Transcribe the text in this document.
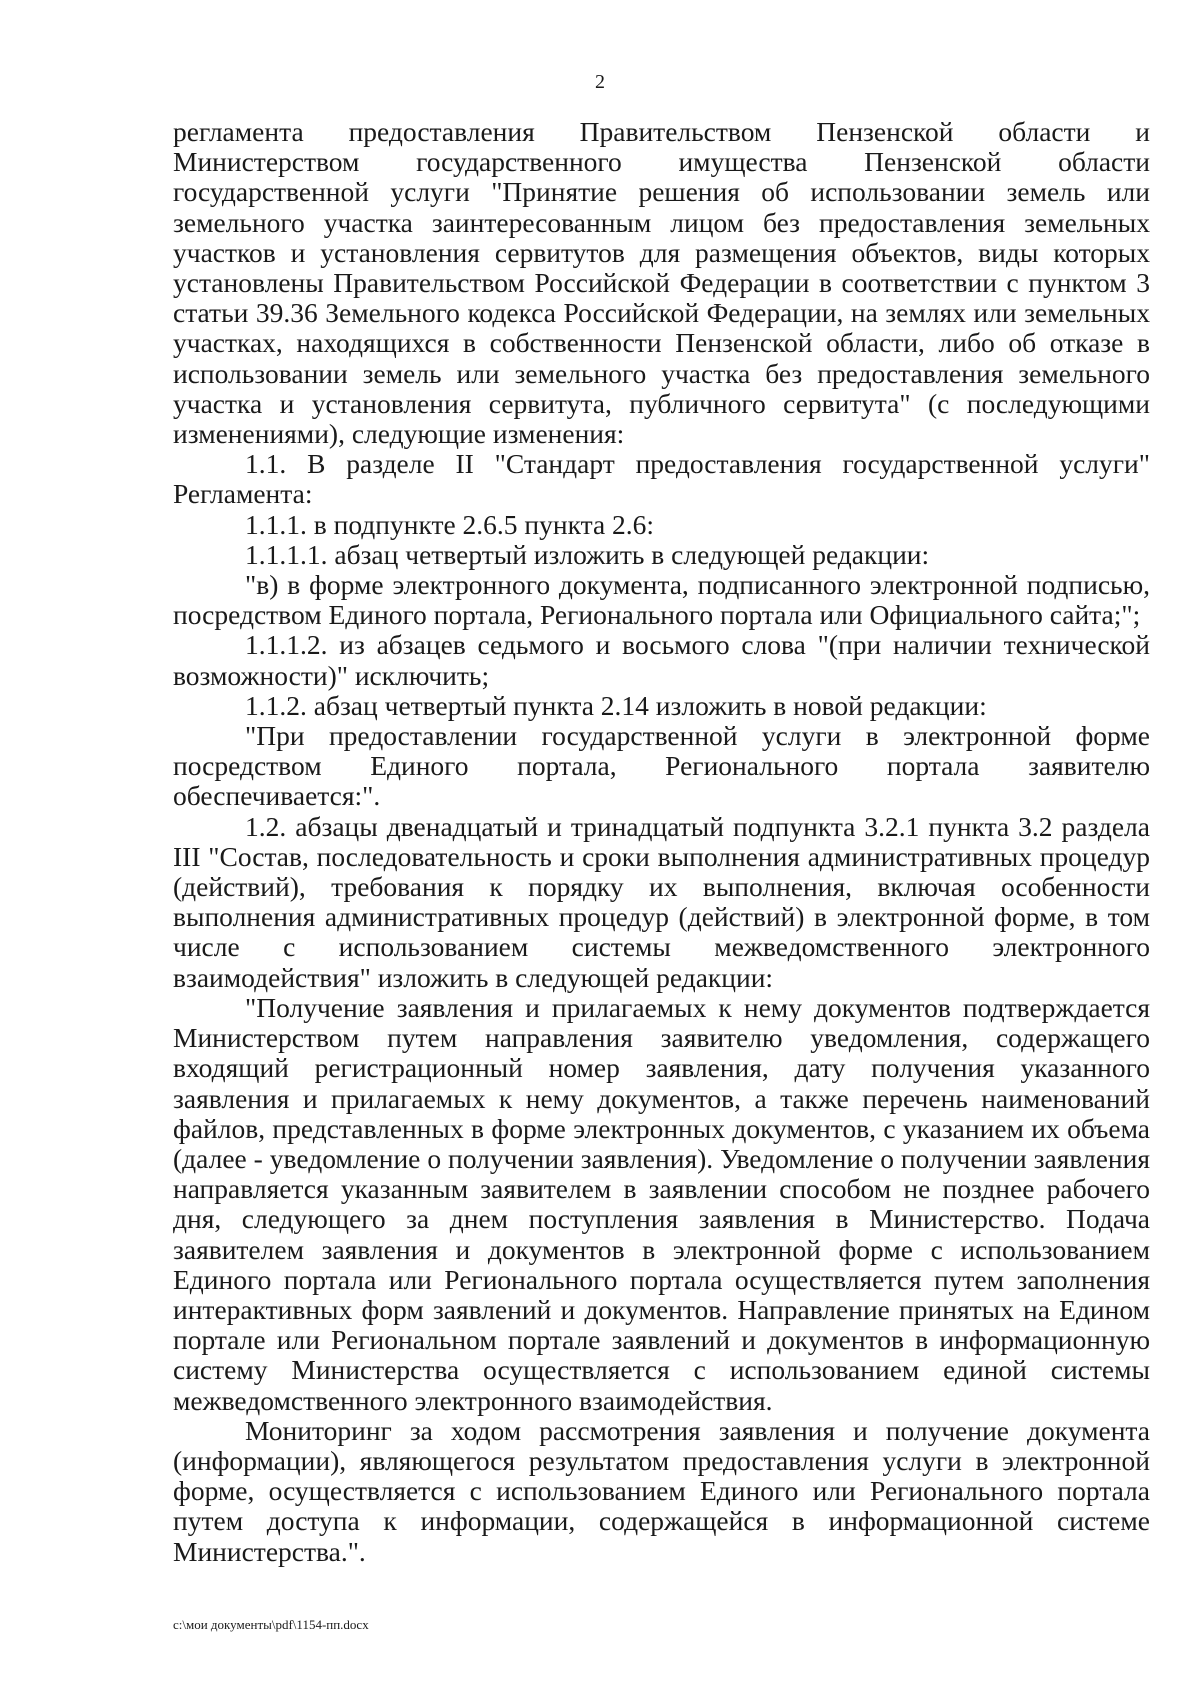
2

регламента предоставления Правительством Пензенской области и Министерством государственного имущества Пензенской области государственной услуги "Принятие решения об использовании земель или земельного участка заинтересованным лицом без предоставления земельных участков и установления сервитутов для размещения объектов, виды которых установлены Правительством Российской Федерации в соответствии с пунктом 3 статьи 39.36 Земельного кодекса Российской Федерации, на землях или земельных участках, находящихся в собственности Пензенской области, либо об отказе в использовании земель или земельного участка без предоставления земельного участка и установления сервитута, публичного сервитута" (с последующими изменениями), следующие изменения:

1.1. В разделе II "Стандарт предоставления государственной услуги" Регламента:

1.1.1. в подпункте 2.6.5 пункта 2.6:

1.1.1.1. абзац четвертый изложить в следующей редакции:

"в) в форме электронного документа, подписанного электронной подписью, посредством Единого портала, Регионального портала или Официального сайта;";

1.1.1.2. из абзацев седьмого и восьмого слова "(при наличии технической возможности)" исключить;

1.1.2. абзац четвертый пункта 2.14 изложить в новой редакции:

"При предоставлении государственной услуги в электронной форме посредством Единого портала, Регионального портала заявителю обеспечивается:".

1.2. абзацы двенадцатый и тринадцатый подпункта 3.2.1 пункта 3.2 раздела III "Состав, последовательность и сроки выполнения административных процедур (действий), требования к порядку их выполнения, включая особенности выполнения административных процедур (действий) в электронной форме, в том числе с использованием системы межведомственного электронного взаимодействия" изложить в следующей редакции:

"Получение заявления и прилагаемых к нему документов подтверждается Министерством путем направления заявителю уведомления, содержащего входящий регистрационный номер заявления, дату получения указанного заявления и прилагаемых к нему документов, а также перечень наименований файлов, представленных в форме электронных документов, с указанием их объема (далее - уведомление о получении заявления). Уведомление о получении заявления направляется указанным заявителем в заявлении способом не позднее рабочего дня, следующего за днем поступления заявления в Министерство. Подача заявителем заявления и документов в электронной форме с использованием Единого портала или Регионального портала осуществляется путем заполнения интерактивных форм заявлений и документов. Направление принятых на Едином портале или Региональном портале заявлений и документов в информационную систему Министерства осуществляется с использованием единой системы межведомственного электронного взаимодействия.

Мониторинг за ходом рассмотрения заявления и получение документа (информации), являющегося результатом предоставления услуги в электронной форме, осуществляется с использованием Единого или Регионального портала путем доступа к информации, содержащейся в информационной системе Министерства.".

c:\мои документы\pdf\1154-пп.docx
